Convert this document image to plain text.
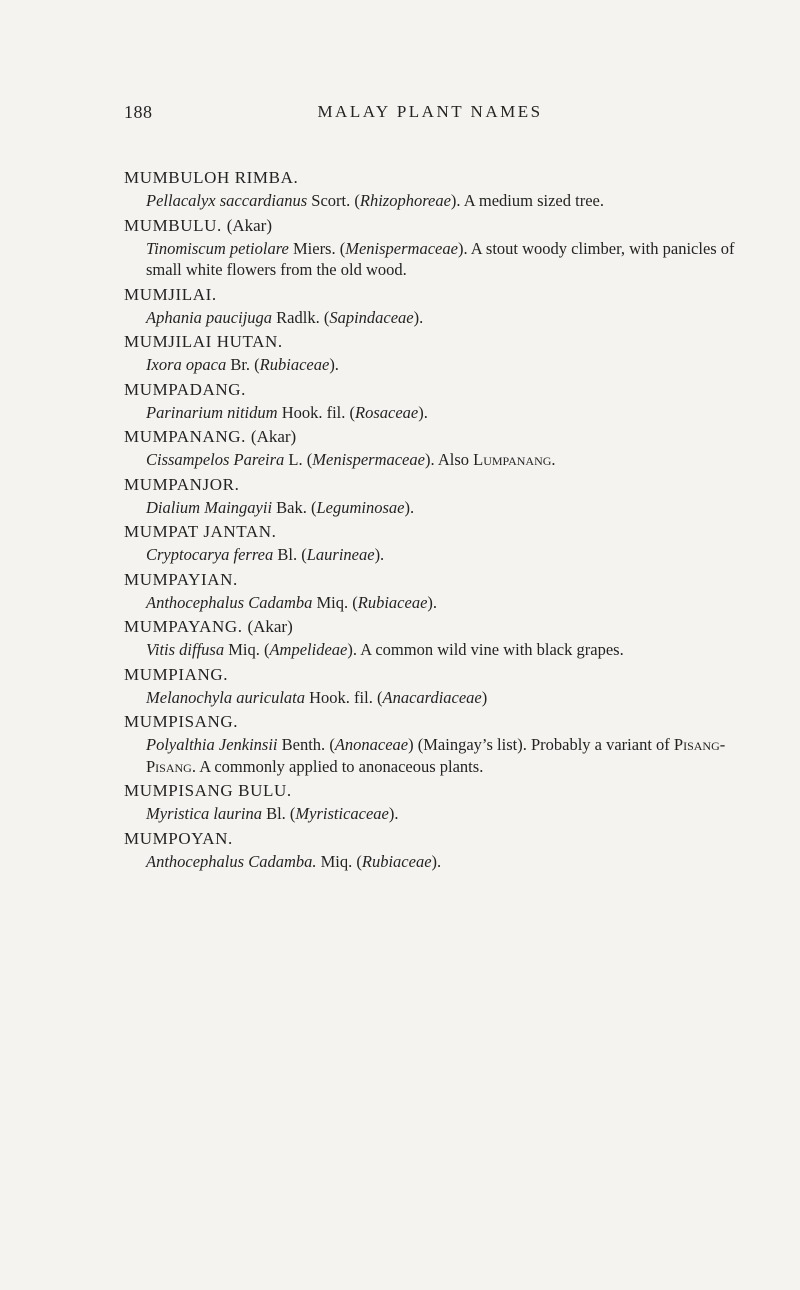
188	MALAY PLANT NAMES
MUMBULOH RIMBA.
Pellacalyx saccardianus Scort. (Rhizophoreae). A medium sized tree.
MUMBULU. (Akar)
Tinomiscum petiolare Miers. (Menispermaceae). A stout woody climber, with panicles of small white flowers from the old wood.
MUMJILAI.
Aphania paucijuga Radlk. (Sapindaceae).
MUMJILAI HUTAN.
Ixora opaca Br. (Rubiaceae).
MUMPADANG.
Parinarium nitidum Hook. fil. (Rosaceae).
MUMPANANG. (Akar)
Cissampelos Pareira L. (Menispermaceae). Also Lumpanang.
MUMPANJOR.
Dialium Maingayii Bak. (Leguminosae).
MUMPAT JANTAN.
Cryptocarya ferrea Bl. (Laurineae).
MUMPAYIAN.
Anthocephalus Cadamba Miq. (Rubiaceae).
MUMPAYANG. (Akar)
Vitis diffusa Miq. (Ampelideae). A common wild vine with black grapes.
MUMPIANG.
Melanochyla auriculata Hook. fil. (Anacardiaceae)
MUMPISANG.
Polyalthia Jenkinsii Benth. (Anonaceae) (Maingay’s list). Probably a variant of Pisang-Pisang. A commonly applied to anonaceous plants.
MUMPISANG BULU.
Myristica laurina Bl. (Myristicaceae).
MUMPOYAN.
Anthocephalus Cadamba. Miq. (Rubiaceae).
